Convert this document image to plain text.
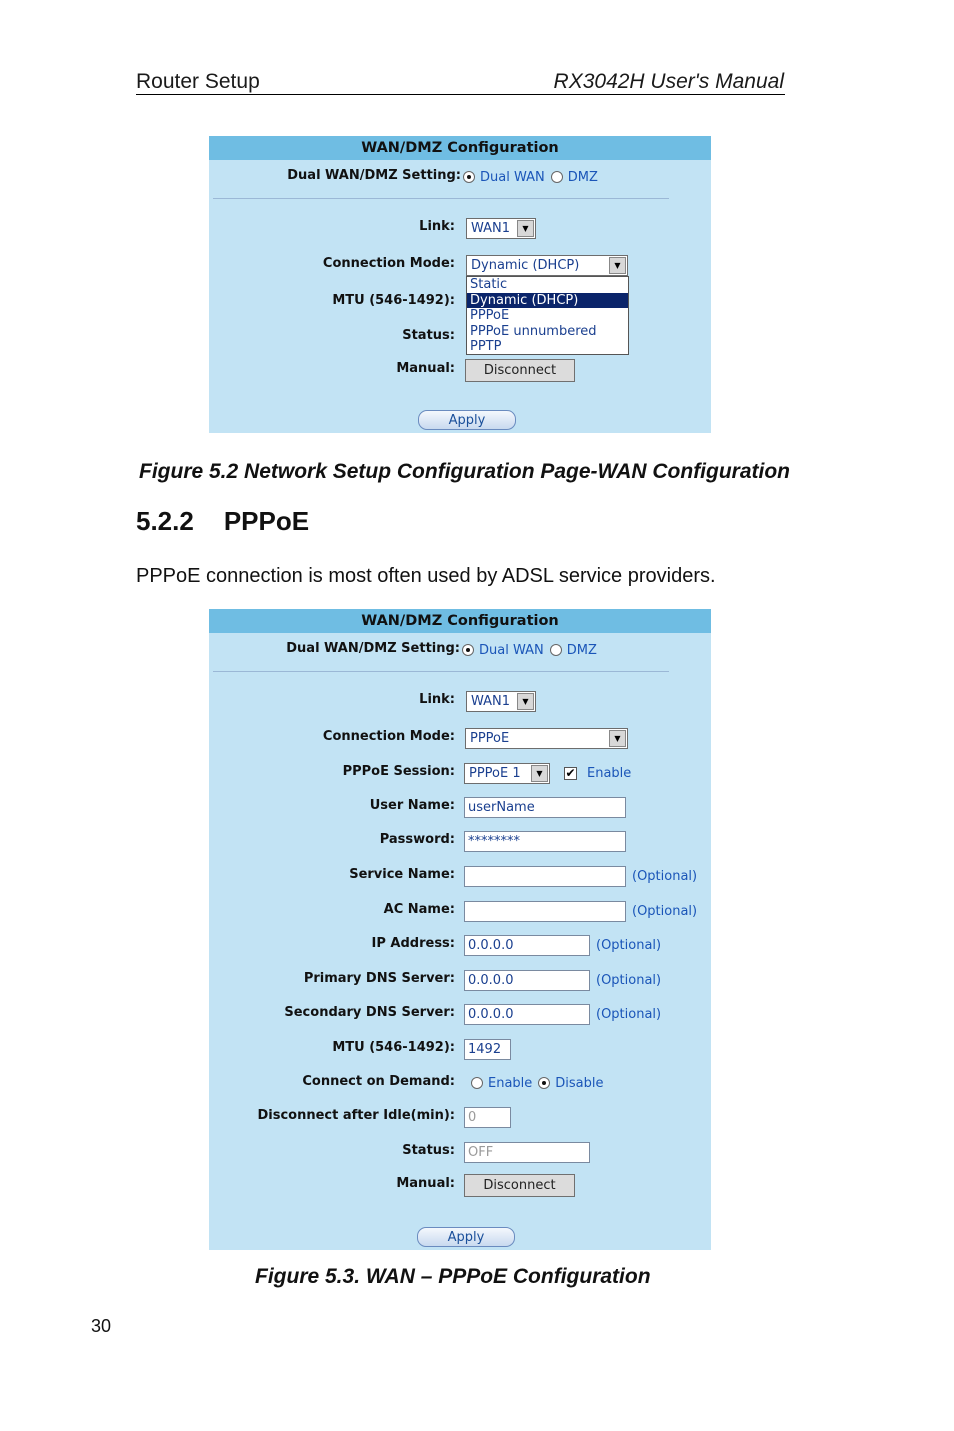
Router Setup	RX3042H User's Manual
WAN/DMZ Configuration
Dual WAN/DMZ Setting: Dual WAN DMZ
Link: WAN1	▼
Connection Mode: Dynamic (DHCP)	▼
MTU (546-1492):
Status:
Manual:	Disconnect
Static
Dynamic (DHCP)
PPPoE
PPPoE unnumbered
PPTP
Apply
Figure 5.2 Network Setup Configuration Page-WAN Configuration
5.2.2 PPPoE
PPPoE connection is most often used by ADSL service providers.
WAN/DMZ Configuration
Dual WAN/DMZ Setting: Dual WAN DMZ
Link: WAN1	▼
Connection Mode: PPPoE	▼
PPPoE Session: PPPoE 1	▼	✔ Enable
User Name:	userName
Password:	********
Service Name:	(Optional)
AC Name:	(Optional)
IP Address:	0.0.0.0	(Optional)
Primary DNS Server:	0.0.0.0	(Optional)
Secondary DNS Server:	0.0.0.0	(Optional)
MTU (546-1492):	1492
Connect on Demand:	Enable Disable
Disconnect after Idle(min):	0
Status:	OFF
Manual:	Disconnect
Apply
Figure 5.3. WAN – PPPoE Configuration
30
